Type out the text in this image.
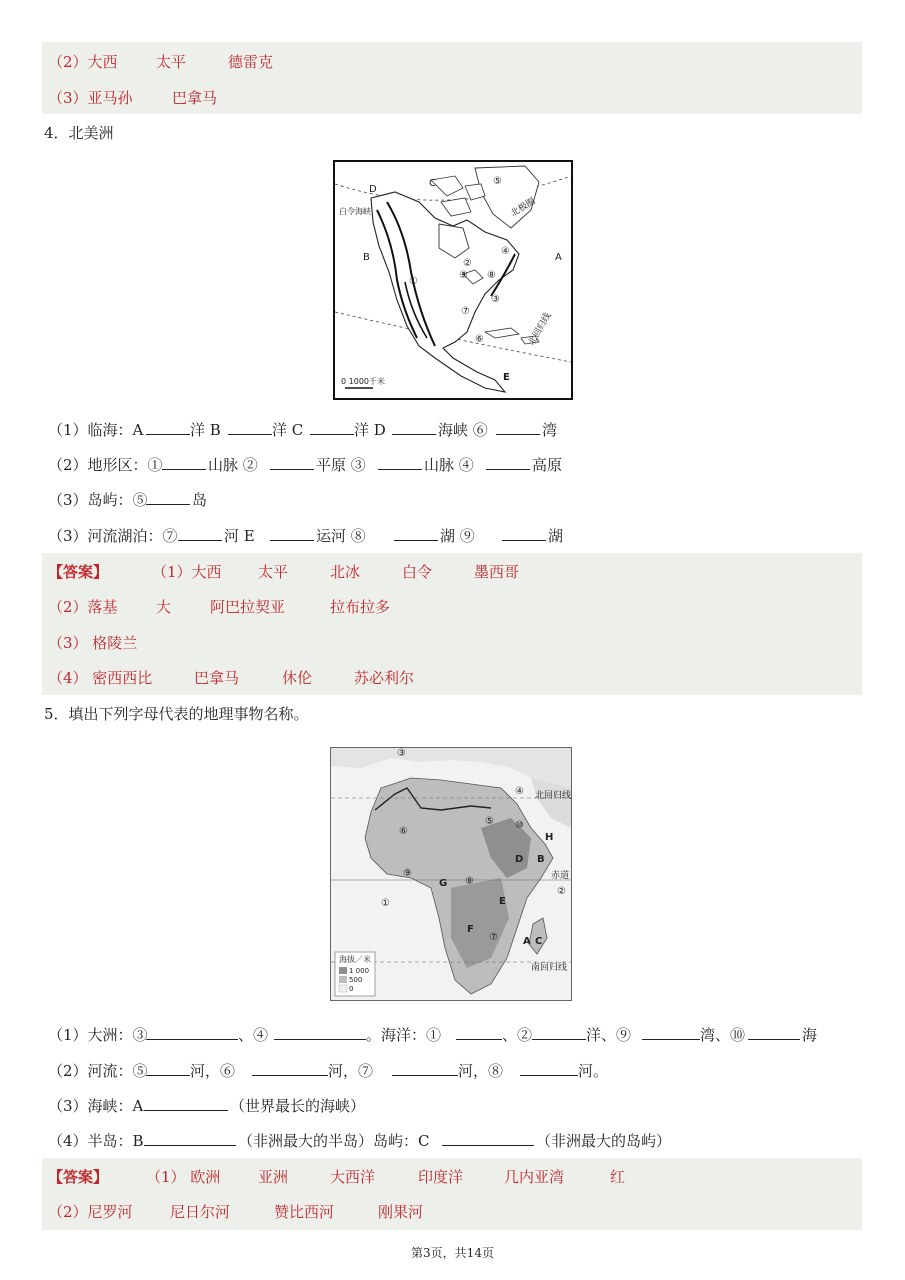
（2）大西	太平	德雷克
（3）亚马孙	巴拿马
4．北美洲
D
C	⑤
B	A
④
②
⑨ ⑧
①
③
⑦
⑥
E
白令海峡	北极圈
北回归线
0 1000千米
（1）临海：A	洋 B	洋 C	洋 D	海峡 ⑥	湾
（2）地形区：①	山脉 ②	平原 ③	山脉 ④	高原
（3）岛屿：⑤	岛
（3）河流湖泊：⑦	河 E	运河 ⑧	湖 ⑨	湖
【答案】	（1）大西 太平	北冰	白令	墨西哥
（2）落基	大	阿巴拉契亚	拉布拉多
（3） 格陵兰
（4） 密西西比	巴拿马	休伦	苏必利尔
5．填出下列字母代表的地理事物名称。
③
④
⑤ ⑩
⑥
H
D B
⑨
G ⑧
②
①	E
F
⑦	A C
北回归线
赤道
南回归线
海拔／米
1 000
500
0
（1）大洲：③	、④	。海洋：①	、②	洋、⑨	湾、⑩	海
（2）河流：⑤	河，⑥	河，⑦	河，⑧	河。
（3）海峡：A	（世界最长的海峡）
（4）半岛：B	（非洲最大的半岛）岛屿：C	（非洲最大的岛屿）
【答案】	（1） 欧洲	亚洲	大西洋	印度洋	几内亚湾	红
（2）尼罗河 尼日尔河	赞比西河	刚果河
第3页，共14页
